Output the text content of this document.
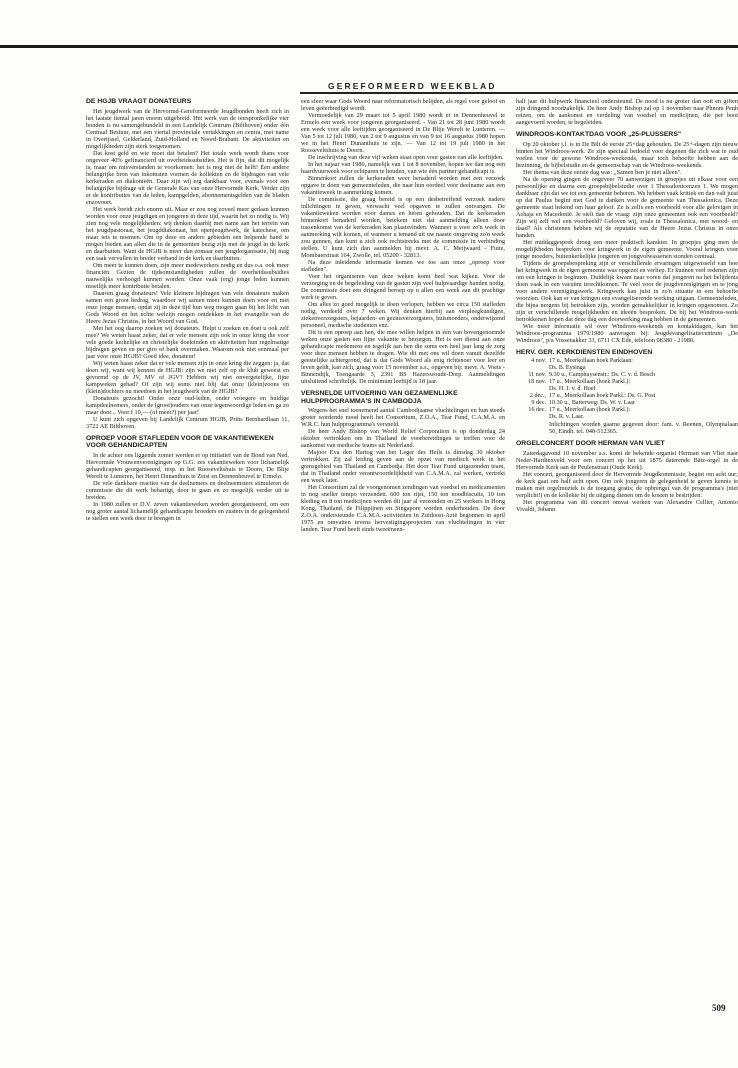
GEREFORMEERD WEEKBLAD
DE HGJB VRAAGT DONATEURS

Het jeugdwerk van de Hervormd-Gereformeerde Jeugdbonden heeft zich in het laatste tiental jaren enorm uitgebreid. Het werk van de oorspronkelijke vier bonden is nu samengebundeld in een Landelijk Centrum (Bilthoven) onder één Centraal Bestuur, met een viertal provinciale vertakkingen en centra, met name in Overijssel, Gelderland, Zuid-Holland en Noord-Brabant. De aktiviteiten en mogelijkheden zijn sterk toegenomen.

Dat kost geld en wie moet dat betalen? Het totale werk wordt thans voor ongeveer 40% gefinancierd uit overheidssubsidies. Het is fijn, dat dit mogelijk is, maar om misverstanden te voorkomen: het is nog niet de helft! Een andere belangrijke bron van inkomsten vormen de kollekten en de bijdragen van vele kerkeraden en diakonieën. Daar zijn wij erg dankbaar voor, evenals voor een belangrijke bijdrage uit de Generale Kas van onze Hervormde Kerk. Verder zijn er de kontributies van de leden, kampgelden, abonnementsgelden van de bladen enzovoort.

Het werk breidt zich enorm uit. Maar er zou nog zoveel meer gedaan kunnen worden voor onze jeugdigen en jongeren in deze tijd, waarin het zo nodig is. Wij zien nog vele mogelijkheden: wij denken daarbij met name aan het terrein van het jeugdpastoraat, het jeugddiakonaat, het openjeugdwerk, de katechese, om maar iets te noemen. Om op deze en andere gebieden een helpende hand te mogen bieden aan allen die in de gemeenten bezig zijn met de jeugd in de kerk en daarbuiten. Want de HGJB is meer dan zomaar een jeugdorganisatie, hij mag een taak vervullen in breder verband in de kerk en daarbuiten.

Om meer te kunnen doen, zijn meer medewerkers nodig en dus o.a. ook meer financiën. Gezien de tijdsomstandigheden zullen de overheidssubsidies nauwelijks verhoogd kunnen worden. Onze vaak (erg) jonge leden kunnen moeilijk meer kontributie betalen.

Daarom graag donateurs! Vele kleinere bijdragen van vele donateurs maken samen een groot bedrag, waardoor wij samen meer kunnen doen voor en met onze jonge mensen, opdat zij in deze tijd hun weg mogen gaan bij het licht van Gods Woord en het echte welzijn mogen ontdekken in het evangelie van de Heere Jezus Christus, in het Woord van God.

Met het oog daarop zoeken wij donateurs. Helpt u zoeken en doet u ook zelf mee? We weten haast zeker, dat er vele mensen zijn ook in onze kring die voor vele goede kerkelijke en christelijke doeleinden en aktiviteiten hun regelmatige bijdragen geven en per giro of bank overmaken. Waarom ook niet eenmaal per jaar voor onze HGJB? Goed idee, donateur!

Wij weten haast zeker dat er vele mensen zijn in onze kring die zeggen: ja, dat doen wij, want wij kennen de HGJB: zijn we niet zelf op de klub geweest en gevormd op de JV, MV of JGV? Hebben wij niet onvergetelijke, fijne kampweken gehad? Of zijn wij soms niet blij dat onze (klein)zoons en (klein)dochters nu meedoen in het jeugdwerk van de HGJB?

Donateurs gezocht! Onder onze oud-leden, onder vroegere en huidige kampdeelnemers, onder de (groot)ouders van onze tegenwoordige leden en ga zo maar door... Voor f 10,— (of meer?) per jaar!

U kunt zich opgeven bij Landelijk Centrum HGJB, Prins Bernhardlaan 11, 3722 AE Bilthoven.

OPROEP VOOR STAFLEDEN VOOR DE VAKANTIEWEKEN VOOR GEHANDICAPTEN

In de achter ons liggende zomer werden er op initiatief van de Bond van Ned. Hervormde Vrouwenverenigingen op G.G. zes vakantieweken voor lichamelijk gehandicapten georganiseerd, resp. in het Rooseveltshuis te Doorn, De Blije Werelt te Lunteren, het Henri Dunanthuis te Zeist en Dennenheuvel te Ermelo.

De vele dankbare reacties van de deelnemers en deelneemsters stimuleren de commissie die dit werk behartigt, door te gaan en zo mogelijk verder uit te breiden.

In 1980 zullen er D.V. zeven vakantieweken worden georganiseerd, om een nog groter aantal lichamelijk gehandicapte broeders en zusters in de gelegenheid te stellen een week door te brengen in

een sfeer waar Gods Woord naar reformatorisch belijden, als regel voor geloof en leven geëerbiedigd wordt.

Vermoedelijk van 29 maart tot 5 april 1980 wordt er in Dennenheuvel te Ermelo een week voor jongeren georganiseerd. - Van 21 tot 28 juni 1980 wordt een week voor alle leeftijden georganiseerd in De Blije Werelt te Lunteren. — Van 5 tot 12 juli 1980, van 2 tot 9 augustus en van 9 tot 16 augustus 1980 hopen we in het Henri Dunanthuis te zijn. — Van 12 tot 19 juli 1980 in het Rooseveltshuis te Doorn.

De inschrijving van deze vijf weken staat open voor gasten van alle leeftijden.

In het najaar van 1980, namelijk van 1 tot 8 november, hopen we dan nog een haardvuurweek voor echtparen te houden, van wie één partner gehandicapt is.

Binnenkort zullen de kerkeraden weer benaderd worden met een verzoek opgave te doen van gemeenteleden, die naar hun oordeel voor deelname aan een vakantieweek in aanmerking komen.

De commissie, die graag bereid is op een desbetreffend verzoek nadere inlichtingen te geven, verwacht veel opgaven te zullen ontvangen. De vakantieweken worden voor dames en heren gehouden. Dat de kerkeraden binnenkort benaderd worden, betekent niet dat aanmelding alleen door tussenkomst van de kerkeraden kan plaatsvinden. Wanneer u voor zo'n week in aanmerking wilt komen, of wanneer u iemand uit uw naaste omgeving zo'n week zou gunnen, dan kunt u zich ook rechtstreeks met de commissie in verbinding stellen. U kunt zich dan aanmelden bij mevr. A. C. Meijwaard - Fuite, Mombaerstraat 164, Zwolle, tel. 05200 - 32813.

Na deze inleidende informatie komen we toe aan onze „oproep voor stafleden".

Voor het organiseren van deze weken komt heel wat kijken. Voor de verzorging en de begeleiding van de gasten zijn veel hulpvaardige handen nodig. De commissie doet een dringend beroep op u allen een week aan dit prachtige werk te geven.

Om alles zo goed mogelijk te doen verlopen, hebben we circa 150 stafleden nodig, verdeeld over 7 weken. Wij denken hierbij aan verpleegkundigen, ziekenverzorgsters, bejaarden- en gezinsverzorgsters, huismoeders, onderwijzend personeel, medische studenten enz.

Dit is een oproep aan hen, die mee willen helpen in één van bovengenoemde weken onze gasten een fijne vakantie te bezorgen. Het is een dienst aan onze gehandicapte medemens en tegelijk aan hen die soms een heel jaar lang de zorg voor deze mensen hebben te dragen. Wie dit met ons wil doen vanuit dezelfde geestelijke achtergrond, dat is dat Gods Woord als enig richtsnoer voor leer en leven geldt, kan zich, graag voor 15 november a.s., opgeven bij: mevr. A. Voets - Binnendijk, Toengaarde 3, 2391 BS Hazerswoude-Dorp. Aanmeldingen uitsluitend schriftelijk. De minimum leeftijd is 18 jaar.

VERSNELDE UITVOERING VAN GEZAMENLIJKE HULPPROGRAMMA'S IN CAMBODJA

Wegens het snel toenemend aantal Cambodjaanse vluchtelingen en hun steeds groter wordende nood heeft het Consortium, Z.O.A., Tear Fund, C.A.M.A. en W.R.C. hun hulpprogramma's versneld.

De heer Andy Bishop van World Relief Corporation is op donderdag 24 oktober vertrokken om in Thailand de voorbereidingen te treffen voor de aankomst van medische teams uit Nederland.

Majoor Eva den Hartog van het Leger des Heils is dinsdag 30 oktober vertrokken. Zij zal leiding geven aan de opzet van medisch werk in het grensgebied van Thailand en Cambodja. Het door Tear Fund uitgezonden team, dat in Thailand onder verantwoordelijkheid van C.A.M.A. zal werken, vertrekt een week later.

Het Consortium zal de voorgenomen zendingen van voedsel en medicamenten in nog sneller tempo verzenden. 600 ton rijst, 150 ton noodbiscuits, 10 ton kleding en 8 ton medicijnen werden dit jaar al verzonden en 25 werkers in Hong Kong, Thailand, de Filippijnen en Singapore worden onderhouden. De door Z.O.A. ondersteunde C.A.M.A.-activiteiten in Zuidoost-Azië begonnen in april 1975 en omvatten tevens hervestigingsprojecten van vluchtelingen in vier landen. Tear Fund heeft sinds tweeëneen-

half jaar dit hulpwerk financieel ondersteund. De nood is nu groter dan ooit en giften zijn dringend noodzakelijk. De heer Andy Bishop zal op 1 november naar Phnom Penh reizen, om de aankomst en verdeling van voedsel en medicijnen, die per boot aangevoerd worden, te begeleiden.

WINDROOS-KONTAKTDAG VOOR „25-PLUSSERS"

Op 20 oktober j.l. is in De Bilt de eerste 25+dag gehouden. De 25+-dagen zijn nieuw binnen het Windroos-werk. Ze zijn speciaal bedoeld voor degenen die zich wat te oud voelen voor de gewone Windroos-weekends, maar toch behoefte hebben aan de bezinning, de bijbelstudie en de gemeenschap van de Windroos-weekends.

Het thema van deze eerste dag was: „Samen ben je niet alleen".

Na de opening gingen de ongeveer 70 aanwezigen in groepjes uit elkaar voor een persoonlijke en daarna een groepsbijbelstudie over 1 Thessalonicenzen 1. We mogen dankbaar zijn dat we tot een gemeente behoren. We hebben vaak kritiek en dan valt juist op dat Paulus begint met God te danken voor de gemeente van Thessalonica. Deze gemeente staat bekend om haar geloof. Ze is zelfs een voorbeeld voor alle gelovigen in Achaja en Macedonië. Je stelt dan de vraag: zijn onze gemeenten ook een voorbeeld? Zijn wij zelf wel een voorbeeld? Geloven wij, zoals in Thessalonica, met woord- en daad? Als christenen hebben wij de reputatie van de Heere Jezus Christus in onze handen.

Het middaggesprek droeg een meer praktisch karakter. In groepjes ging men de mogelijkheden bespreken voor kringwerk in de eigen gemeente. Vooral kringen voor jonge moeders, buitenkerkelijke jongeren en jongvolwassenen stonden centraal.

Tijdens de groepsbespreking zijn er verschillende ervaringen uitgewisseld van hoe het kringwerk in de eigen gemeente was opgezet en verliep. Er kunnen veel redenen zijn om een kringen te beginnen. Duidelijk kwam naar voren dat jongeren na het belijdenis doen vaak in een vacuüm terechtkomen. Te veel voor de jeugdverenigingen en te jong voor andere verenigingswerk. Kringwerk kan juist in zo'n situatie in een behoefte voorzien. Ook kan er van kringen een evangeliserende werking uitgaan. Gemeenteleden, die bijna nergens bij betrokken zijn, worden gemakkelijker in kringen opgenomen. Zo zijn er verschillende mogelijkheden en ideeën besproken. De bij het Windroos-werk betrokkenen hopen dat deze dag een doorwerking mag hebben in de gemeenten.

Wie meer informatie wil over Windroos-weekends en kontaktdagen, kan het Windroos-programma 1979/1980 aanvragen bij: Jeugdevangelisatiecentrum „De Windroos", p/a Vossenakker 33, 6711 CX Ede, telefoon 08380 - 21980.

HERV. GER. KERKDIENSTEN EINDHOVEN
4 nov. 17 u., Meerkollaan hoek Parklaan:
Ds. B. Eysinga
11 nov. 9.30 u., Camphuysenstr.: Ds. C. v. d. Bosch
18 nov. 17 u., Meerkollaan (hoek Parkl.):
Ds. H. J. v. d. Hoef
2 dec., 17 u., Meerkollaan hoek Parkl.: Ds. G. Post
9 dec. 10.30 u., Batterweg: Ds. W. v. Laar
16 dec. 17 u., Meerkollaan (hoek Parkl.):
Ds. R. v. Laar.

Inlichtingen worden gaarne gegeven door: fam. v. Reenen, Olympialaan 50, Eindh. tel. 040-512365.

ORGELCONCERT DOOR HERMAN VAN VLIET

Zaterdagavond 10 november a.s. komt de bekende organist Herman van Vliet naar Neder-Hardinxveld voor een concert op het uit 1875 daterende Bätz-orgel in de Hervormde Kerk aan de Peulenstraat (Oude Kerk).

Het concert, georganiseerd door de Hervormde Jeugdkommissie, begint om acht uur; de kerk gaat om half acht open. Om ook jongeren de gelegenheid te geven kennis te maken met orgelmuziek is de toegang gratis; de opbrengst van de programma's (niet verplicht!) en de kollekte bij de uitgang dienen om de kosten te bestrijden.

Het programma van dit concert omvat werken van Alexandre Cellier, Antonio Vivaldi, Johann

509
